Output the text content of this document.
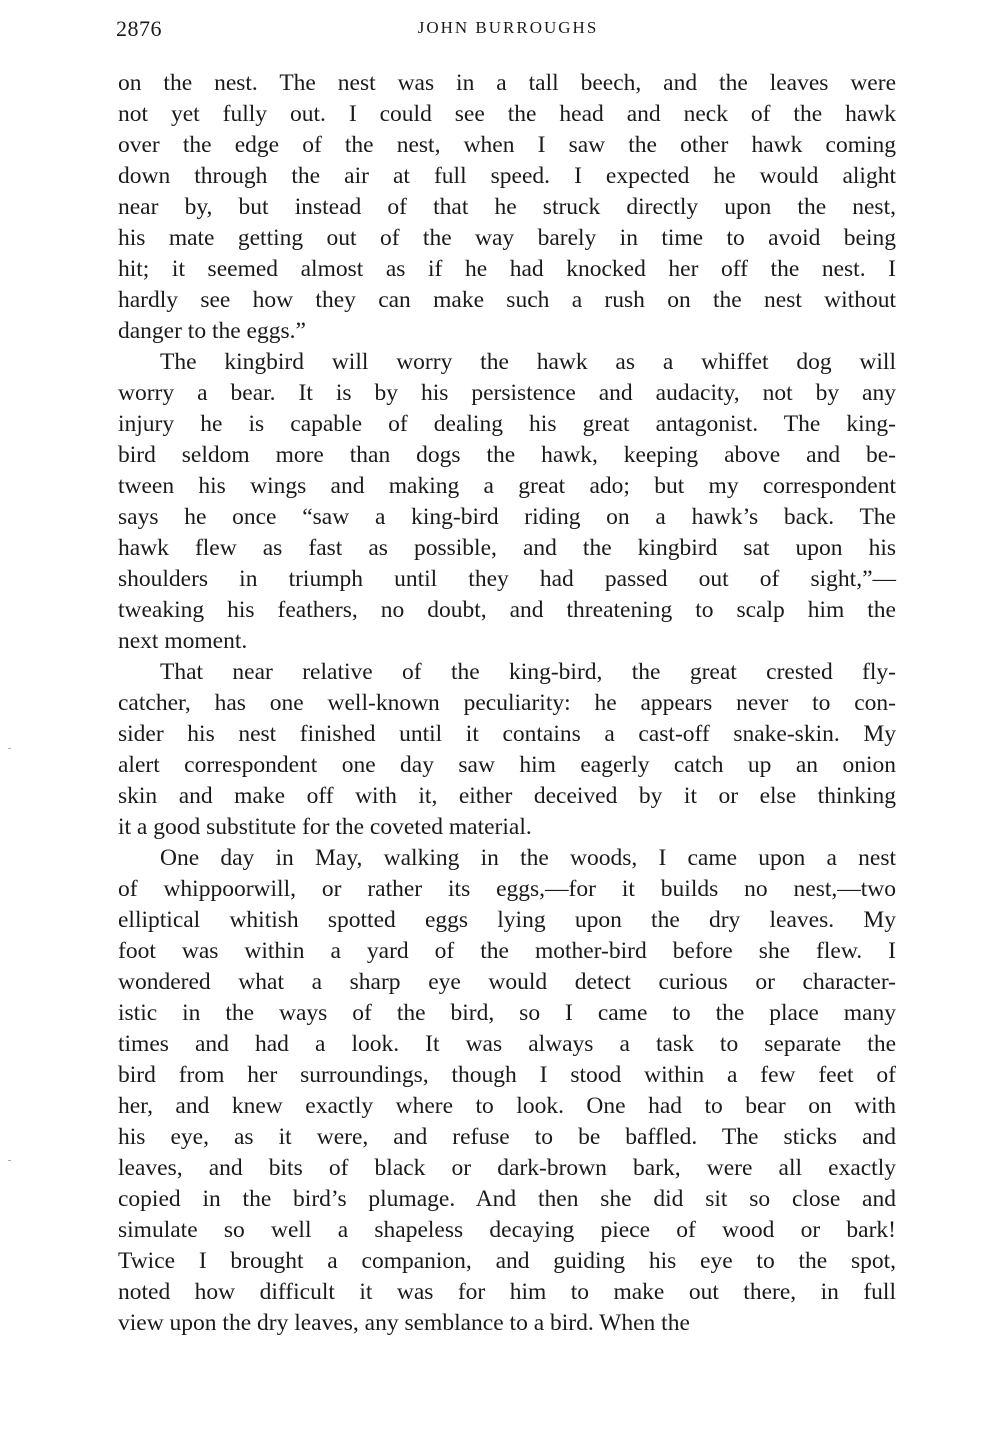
2876	JOHN BURROUGHS
on the nest. The nest was in a tall beech, and the leaves were
not yet fully out. I could see the head and neck of the hawk
over the edge of the nest, when I saw the other hawk coming
down through the air at full speed. I expected he would alight
near by, but instead of that he struck directly upon the nest,
his mate getting out of the way barely in time to avoid being
hit; it seemed almost as if he had knocked her off the nest. I
hardly see how they can make such a rush on the nest without
danger to the eggs.”
The kingbird will worry the hawk as a whiffet dog will
worry a bear. It is by his persistence and audacity, not by any
injury he is capable of dealing his great antagonist. The king-
bird seldom more than dogs the hawk, keeping above and be-
tween his wings and making a great ado; but my correspondent
says he once “saw a king-bird riding on a hawk’s back. The
hawk flew as fast as possible, and the kingbird sat upon his
shoulders in triumph until they had passed out of sight,”—
tweaking his feathers, no doubt, and threatening to scalp him the
next moment.
That near relative of the king-bird, the great crested fly-
catcher, has one well-known peculiarity: he appears never to con-
sider his nest finished until it contains a cast-off snake-skin. My
alert correspondent one day saw him eagerly catch up an onion
skin and make off with it, either deceived by it or else thinking
it a good substitute for the coveted material.
One day in May, walking in the woods, I came upon a nest
of whippoorwill, or rather its eggs,—for it builds no nest,—two
elliptical whitish spotted eggs lying upon the dry leaves. My
foot was within a yard of the mother-bird before she flew. I
wondered what a sharp eye would detect curious or character-
istic in the ways of the bird, so I came to the place many
times and had a look. It was always a task to separate the
bird from her surroundings, though I stood within a few feet of
her, and knew exactly where to look. One had to bear on with
his eye, as it were, and refuse to be baffled. The sticks and
leaves, and bits of black or dark-brown bark, were all exactly
copied in the bird’s plumage. And then she did sit so close and
simulate so well a shapeless decaying piece of wood or bark!
Twice I brought a companion, and guiding his eye to the spot,
noted how difficult it was for him to make out there, in full
view upon the dry leaves, any semblance to a bird. When the
